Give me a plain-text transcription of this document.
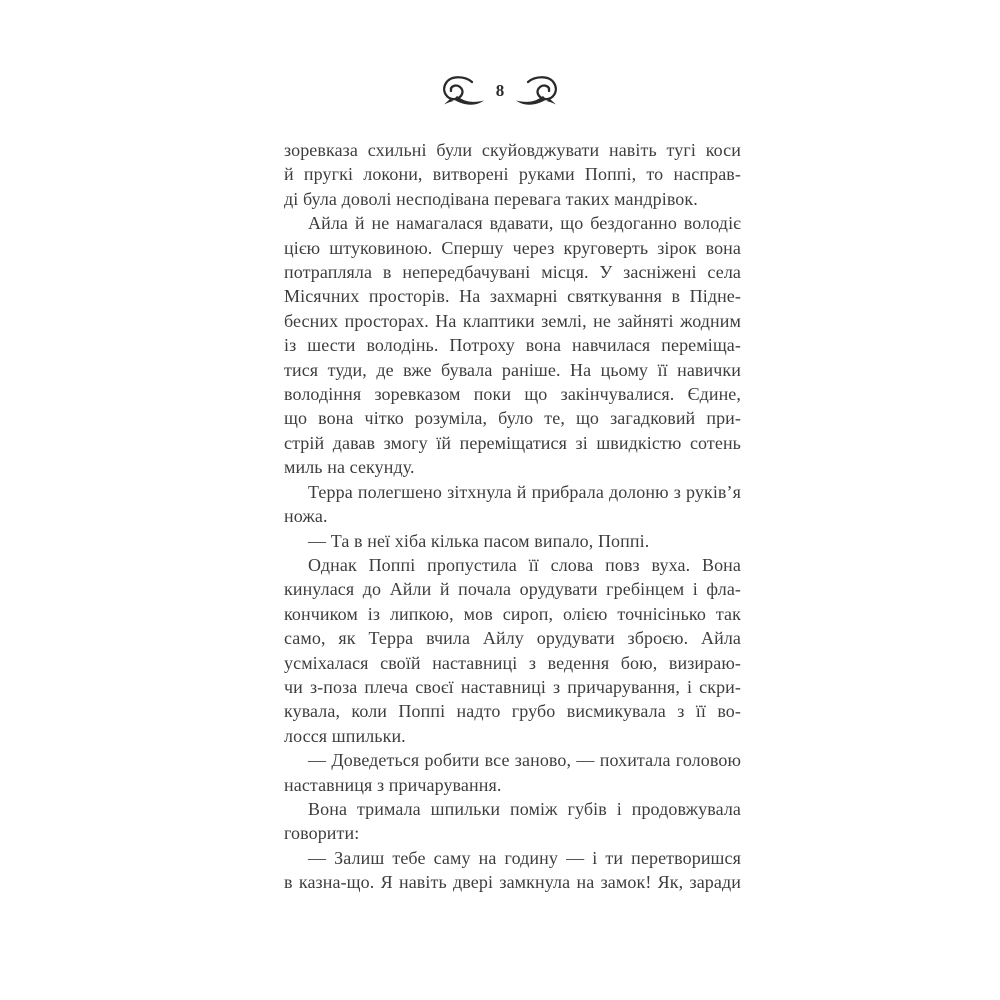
8
зоревказа схильні були скуйовджувати навіть тугі коси
й пругкі локони, витворені руками Поппі, то насправ-
ді була доволі несподівана перевага таких мандрівок.
Айла й не намагалася вдавати, що бездоганно володіє
цією штуковиною. Спершу через круговерть зірок вона
потрапляла в непередбачувані місця. У засніжені села
Місячних просторів. На захмарні святкування в Підне-
бесних просторах. На клаптики землі, не зайняті жодним
із шести володінь. Потроху вона навчилася переміща-
тися туди, де вже бувала раніше. На цьому її навички
володіння зоревказом поки що закінчувалися. Єдине,
що вона чітко розуміла, було те, що загадковий при-
стрій давав змогу їй переміщатися зі швидкістю сотень
миль на секунду.
Терра полегшено зітхнула й прибрала долоню з руків’я
ножа.
— Та в неї хіба кілька пасом випало, Поппі.
Однак Поппі пропустила її слова повз вуха. Вона
кинулася до Айли й почала орудувати гребінцем і фла-
кончиком із липкою, мов сироп, олією точнісінько так
само, як Терра вчила Айлу орудувати зброєю. Айла
усміхалася своїй наставниці з ведення бою, визираю-
чи з-поза плеча своєї наставниці з причарування, і скри-
кувала, коли Поппі надто грубо висмикувала з її во-
лосся шпильки.
— Доведеться робити все заново, — похитала головою
наставниця з причарування.
Вона тримала шпильки поміж губів і продовжувала
говорити:
— Залиш тебе саму на годину — і ти перетворишся
в казна-що. Я навіть двері замкнула на замок! Як, заради
